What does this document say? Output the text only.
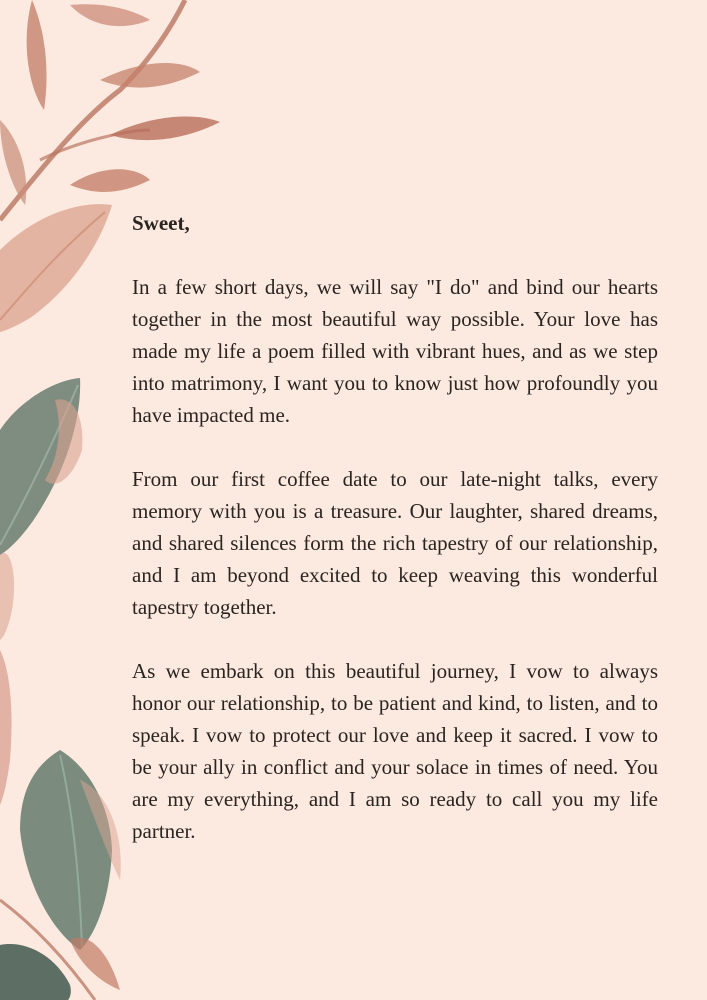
Sweet,

In a few short days, we will say "I do" and bind our hearts together in the most beautiful way possible. Your love has made my life a poem filled with vibrant hues, and as we step into matrimony, I want you to know just how profoundly you have impacted me.

From our first coffee date to our late-night talks, every memory with you is a treasure. Our laughter, shared dreams, and shared silences form the rich tapestry of our relationship, and I am beyond excited to keep weaving this wonderful tapestry together.

As we embark on this beautiful journey, I vow to always honor our relationship, to be patient and kind, to listen, and to speak. I vow to protect our love and keep it sacred. I vow to be your ally in conflict and your solace in times of need. You are my everything, and I am so ready to call you my life partner.
